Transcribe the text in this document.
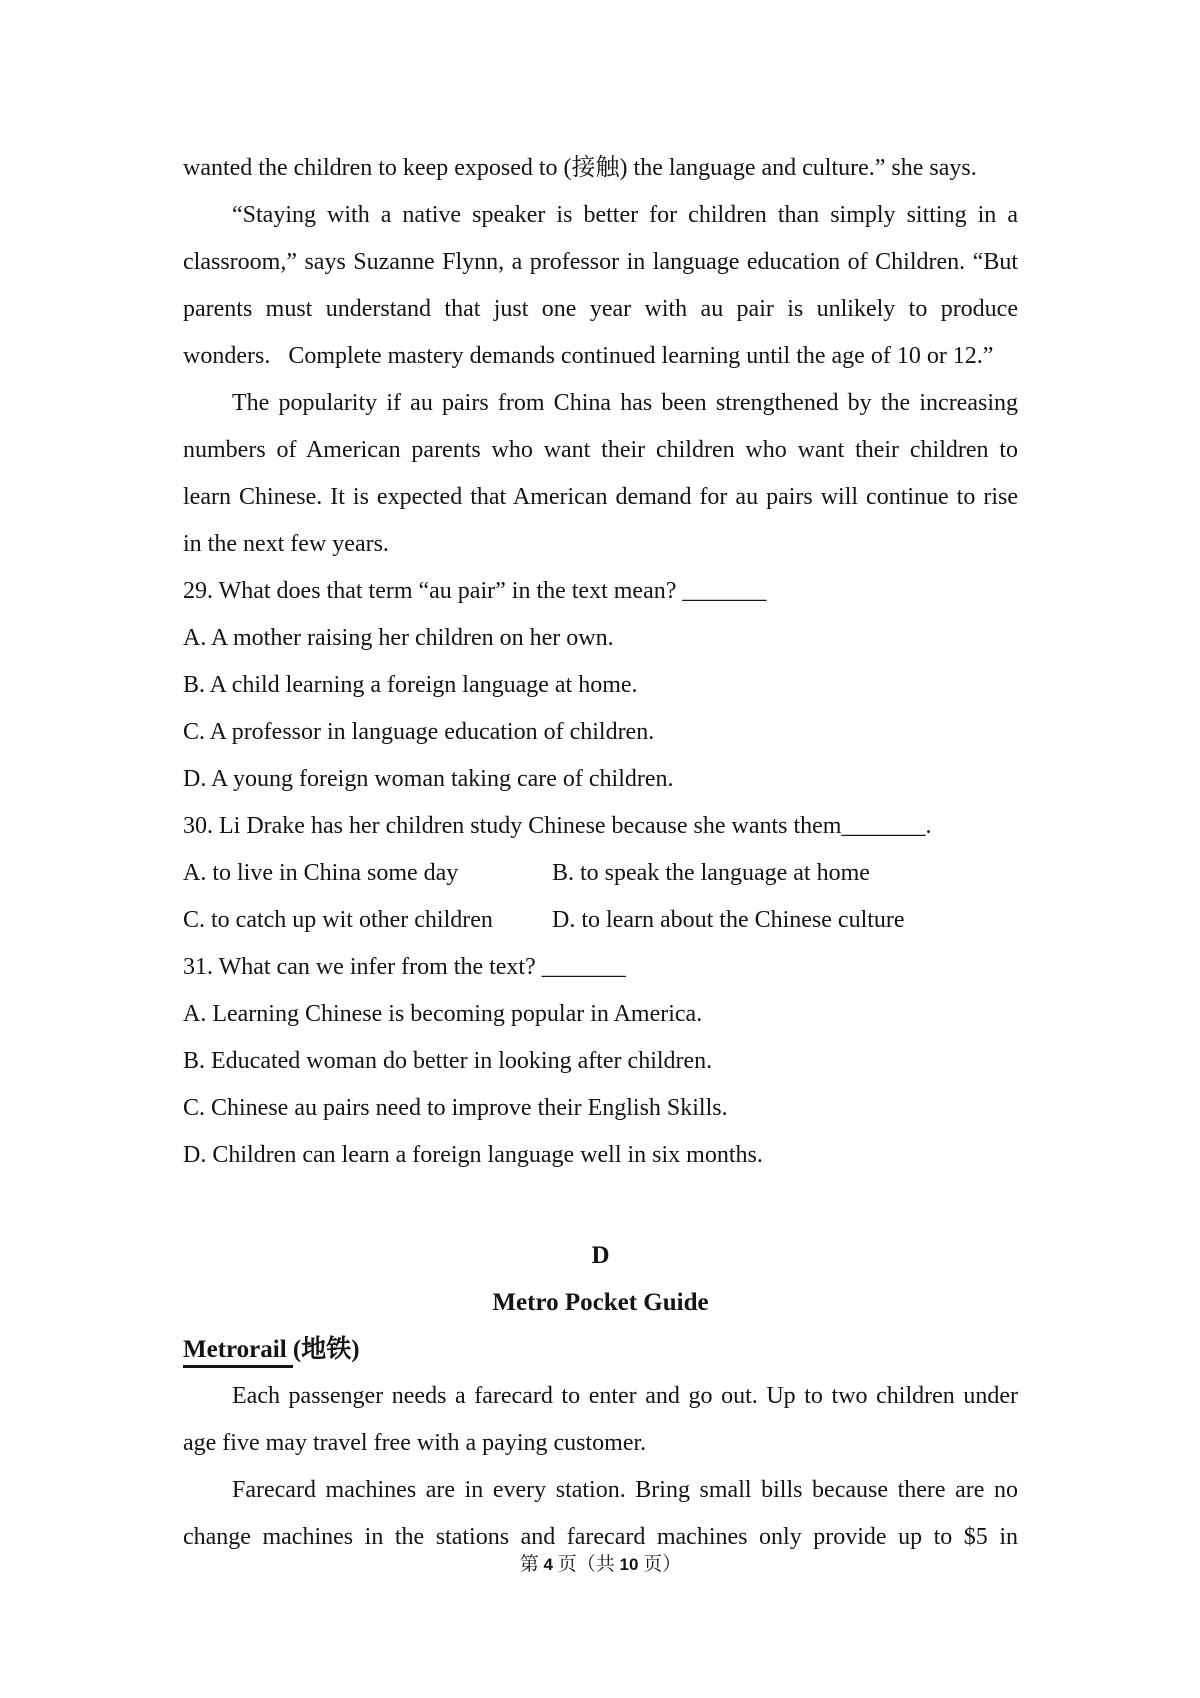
wanted the children to keep exposed to (接触) the language and culture.” she says.
“Staying with a native speaker is better for children than simply sitting in a
classroom,” says Suzanne Flynn, a professor in language education of Children. “But
parents must understand that just one year with au pair is unlikely to produce
wonders.   Complete mastery demands continued learning until the age of 10 or 12.”
The popularity if au pairs from China has been strengthened by the increasing
numbers of American parents who want their children who want their children to
learn Chinese. It is expected that American demand for au pairs will continue to rise
in the next few years.
29. What does that term “au pair” in the text mean? _______
A. A mother raising her children on her own.
B. A child learning a foreign language at home.
C. A professor in language education of children.
D. A young foreign woman taking care of children.
30. Li Drake has her children study Chinese because she wants them_______.
A. to live in China some day	B. to speak the language at home
C. to catch up wit other children	D. to learn about the Chinese culture
31. What can we infer from the text? _______
A. Learning Chinese is becoming popular in America.
B. Educated woman do better in looking after children.
C. Chinese au pairs need to improve their English Skills.
D. Children can learn a foreign language well in six months.
D
Metro Pocket Guide
Metrorail (地铁)
Each passenger needs a farecard to enter and go out. Up to two children under
age five may travel free with a paying customer.
Farecard machines are in every station. Bring small bills because there are no
change machines in the stations and farecard machines only provide up to $5 in
第 4 页（共 10 页）
